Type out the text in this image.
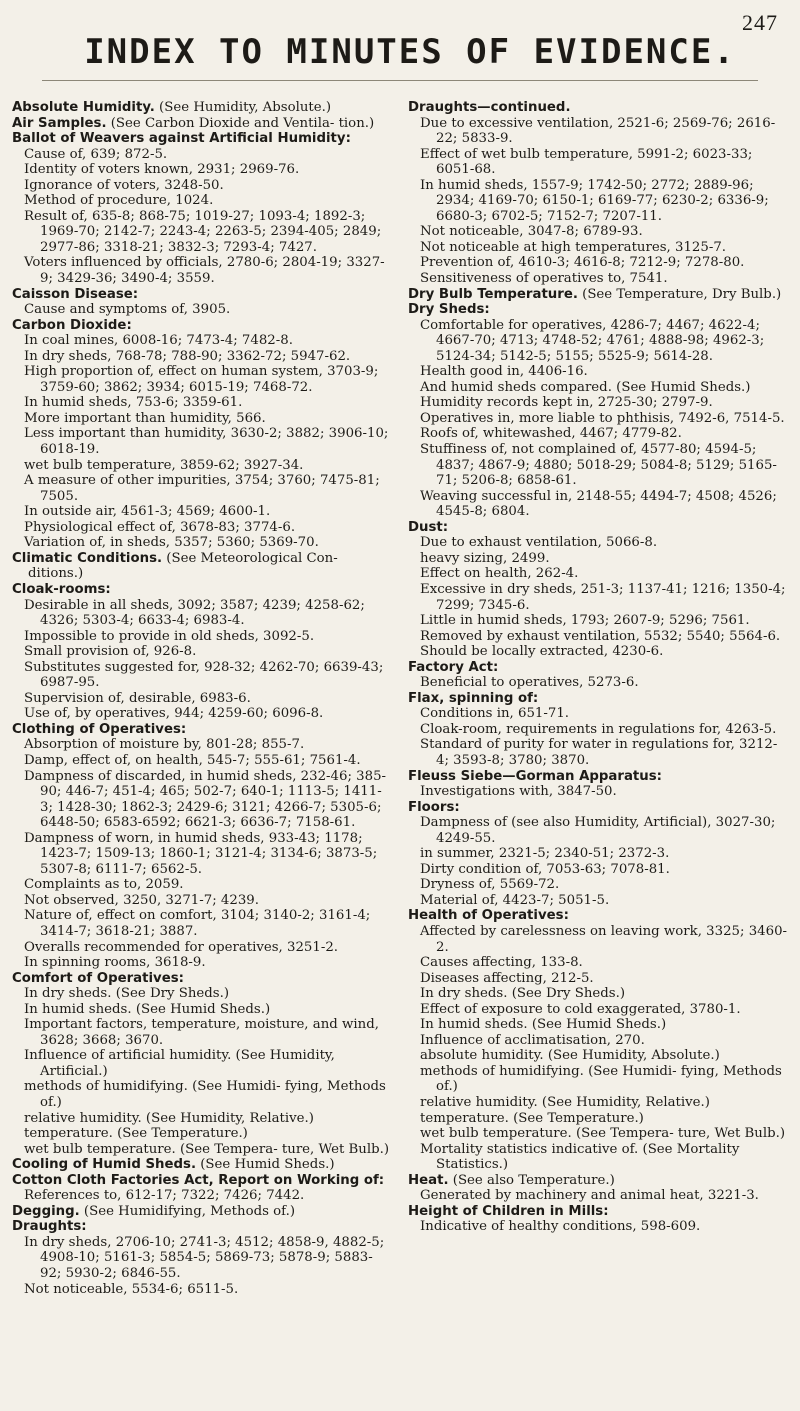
247
INDEX TO MINUTES OF EVIDENCE.

Absolute Humidity. (See Humidity, Absolute.)

Air Samples. (See Carbon Dioxide and Ventila- tion.)

Ballot of Weavers against Artificial Humidity:

Cause of, 639; 872-5.

Identity of voters known, 2931; 2969-76.

Ignorance of voters, 3248-50.

Method of procedure, 1024.

Result of, 635-8; 868-75; 1019-27; 1093-4; 1892-3; 1969-70; 2142-7; 2243-4; 2263-5; 2394-405; 2849; 2977-86; 3318-21; 3832-3; 7293-4; 7427.

Voters influenced by officials, 2780-6; 2804-19; 3327-9; 3429-36; 3490-4; 3559.

Caisson Disease:

Cause and symptoms of, 3905.

Carbon Dioxide:

In coal mines, 6008-16; 7473-4; 7482-8.

In dry sheds, 768-78; 788-90; 3362-72; 5947-62.

High proportion of, effect on human system, 3703-9; 3759-60; 3862; 3934; 6015-19; 7468-72.

In humid sheds, 753-6; 3359-61.

More important than humidity, 566.

Less important than humidity, 3630-2; 3882; 3906-10; 6018-19.

wet bulb temperature, 3859-62; 3927-34.

A measure of other impurities, 3754; 3760; 7475-81; 7505.

In outside air, 4561-3; 4569; 4600-1.

Physiological effect of, 3678-83; 3774-6.

Variation of, in sheds, 5357; 5360; 5369-70.

Climatic Conditions. (See Meteorological Con- ditions.)

Cloak-rooms:

Desirable in all sheds, 3092; 3587; 4239; 4258-62; 4326; 5303-4; 6633-4; 6983-4.

Impossible to provide in old sheds, 3092-5.

Small provision of, 926-8.

Substitutes suggested for, 928-32; 4262-70; 6639-43; 6987-95.

Supervision of, desirable, 6983-6.

Use of, by operatives, 944; 4259-60; 6096-8.

Clothing of Operatives:

Absorption of moisture by, 801-28; 855-7.

Damp, effect of, on health, 545-7; 555-61; 7561-4.

Dampness of discarded, in humid sheds, 232-46; 385-90; 446-7; 451-4; 465; 502-7; 640-1; 1113-5; 1411-3; 1428-30; 1862-3; 2429-6; 3121; 4266-7; 5305-6; 6448-50; 6583-6592; 6621-3; 6636-7; 7158-61.

Dampness of worn, in humid sheds, 933-43; 1178; 1423-7; 1509-13; 1860-1; 3121-4; 3134-6; 3873-5; 5307-8; 6111-7; 6562-5.

Complaints as to, 2059.

Not observed, 3250, 3271-7; 4239.

Nature of, effect on comfort, 3104; 3140-2; 3161-4; 3414-7; 3618-21; 3887.

Overalls recommended for operatives, 3251-2.

In spinning rooms, 3618-9.

Comfort of Operatives:

In dry sheds. (See Dry Sheds.)

In humid sheds. (See Humid Sheds.)

Important factors, temperature, moisture, and wind, 3628; 3668; 3670.

Influence of artificial humidity. (See Humidity, Artificial.)

methods of humidifying. (See Humidi- fying, Methods of.)

relative humidity. (See Humidity, Relative.)

temperature. (See Temperature.)

wet bulb temperature. (See Tempera- ture, Wet Bulb.)

Cooling of Humid Sheds. (See Humid Sheds.)

Cotton Cloth Factories Act, Report on Working of:

References to, 612-17; 7322; 7426; 7442.

Degging. (See Humidifying, Methods of.)

Draughts:

In dry sheds, 2706-10; 2741-3; 4512; 4858-9, 4882-5; 4908-10; 5161-3; 5854-5; 5869-73; 5878-9; 5883-92; 5930-2; 6846-55.

Not noticeable, 5534-6; 6511-5.

Draughts—continued.

Due to excessive ventilation, 2521-6; 2569-76; 2616-22; 5833-9.

Effect of wet bulb temperature, 5991-2; 6023-33; 6051-68.

In humid sheds, 1557-9; 1742-50; 2772; 2889-96; 2934; 4169-70; 6150-1; 6169-77; 6230-2; 6336-9; 6680-3; 6702-5; 7152-7; 7207-11.

Not noticeable, 3047-8; 6789-93.

Not noticeable at high temperatures, 3125-7.

Prevention of, 4610-3; 4616-8; 7212-9; 7278-80.

Sensitiveness of operatives to, 7541.

Dry Bulb Temperature. (See Temperature, Dry Bulb.)

Dry Sheds:

Comfortable for operatives, 4286-7; 4467; 4622-4; 4667-70; 4713; 4748-52; 4761; 4888-98; 4962-3; 5124-34; 5142-5; 5155; 5525-9; 5614-28.

Health good in, 4406-16.

And humid sheds compared. (See Humid Sheds.)

Humidity records kept in, 2725-30; 2797-9.

Operatives in, more liable to phthisis, 7492-6, 7514-5.

Roofs of, whitewashed, 4467; 4779-82.

Stuffiness of, not complained of, 4577-80; 4594-5; 4837; 4867-9; 4880; 5018-29; 5084-8; 5129; 5165-71; 5206-8; 6858-61.

Weaving successful in, 2148-55; 4494-7; 4508; 4526; 4545-8; 6804.

Dust:

Due to exhaust ventilation, 5066-8.

heavy sizing, 2499.

Effect on health, 262-4.

Excessive in dry sheds, 251-3; 1137-41; 1216; 1350-4; 7299; 7345-6.

Little in humid sheds, 1793; 2607-9; 5296; 7561.

Removed by exhaust ventilation, 5532; 5540; 5564-6.

Should be locally extracted, 4230-6.

Factory Act:

Beneficial to operatives, 5273-6.

Flax, spinning of:

Conditions in, 651-71.

Cloak-room, requirements in regulations for, 4263-5.

Standard of purity for water in regulations for, 3212-4; 3593-8; 3780; 3870.

Fleuss Siebe—Gorman Apparatus:

Investigations with, 3847-50.

Floors:

Dampness of (see also Humidity, Artificial), 3027-30; 4249-55.

in summer, 2321-5; 2340-51; 2372-3.

Dirty condition of, 7053-63; 7078-81.

Dryness of, 5569-72.

Material of, 4423-7; 5051-5.

Health of Operatives:

Affected by carelessness on leaving work, 3325; 3460-2.

Causes affecting, 133-8.

Diseases affecting, 212-5.

In dry sheds. (See Dry Sheds.)

Effect of exposure to cold exaggerated, 3780-1.

In humid sheds. (See Humid Sheds.)

Influence of acclimatisation, 270.

absolute humidity. (See Humidity, Absolute.)

methods of humidifying. (See Humidi- fying, Methods of.)

relative humidity. (See Humidity, Relative.)

temperature. (See Temperature.)

wet bulb temperature. (See Tempera- ture, Wet Bulb.)

Mortality statistics indicative of. (See Mortality Statistics.)

Heat. (See also Temperature.)

Generated by machinery and animal heat, 3221-3.

Height of Children in Mills:

Indicative of healthy conditions, 598-609.
